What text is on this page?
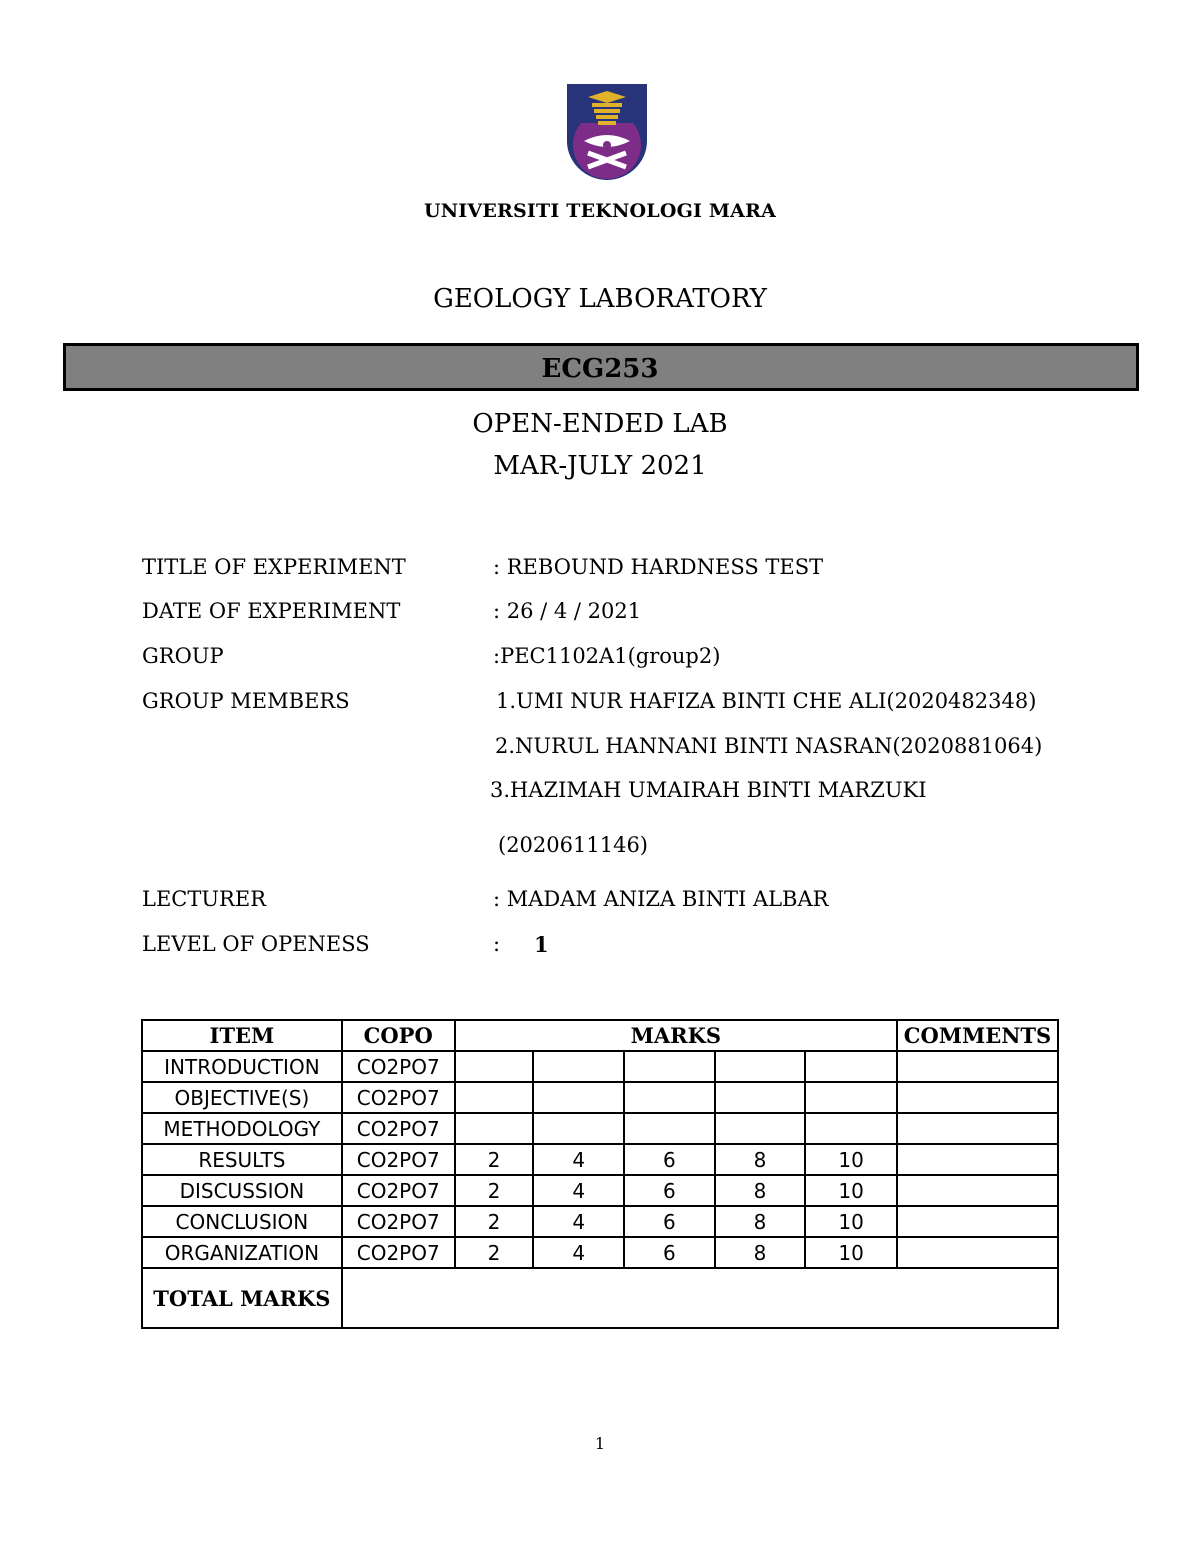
UNIVERSITI TEKNOLOGI MARA
GEOLOGY LABORATORY
ECG253
OPEN-ENDED LAB
MAR-JULY 2021
TITLE OF EXPERIMENT	: REBOUND HARDNESS TEST
DATE OF EXPERIMENT	: 26 / 4 / 2021
GROUP	:PEC1102A1(group2)
GROUP MEMBERS	1.UMI NUR HAFIZA BINTI CHE ALI(2020482348)
2.NURUL HANNANI BINTI NASRAN(2020881064)
3.HAZIMAH UMAIRAH BINTI MARZUKI
(2020611146)
LECTURER	: MADAM ANIZA BINTI ALBAR
LEVEL OF OPENESS	: 1
ITEM	COPO	MARKS					COMMENTS
INTRODUCTION	CO2PO7						
OBJECTIVE(S)	CO2PO7						
METHODOLOGY	CO2PO7						
RESULTS	CO2PO7	2	4	6	8	10	
DISCUSSION	CO2PO7	2	4	6	8	10	
CONCLUSION	CO2PO7	2	4	6	8	10	
ORGANIZATION	CO2PO7	2	4	6	8	10	
TOTAL MARKS							
1
